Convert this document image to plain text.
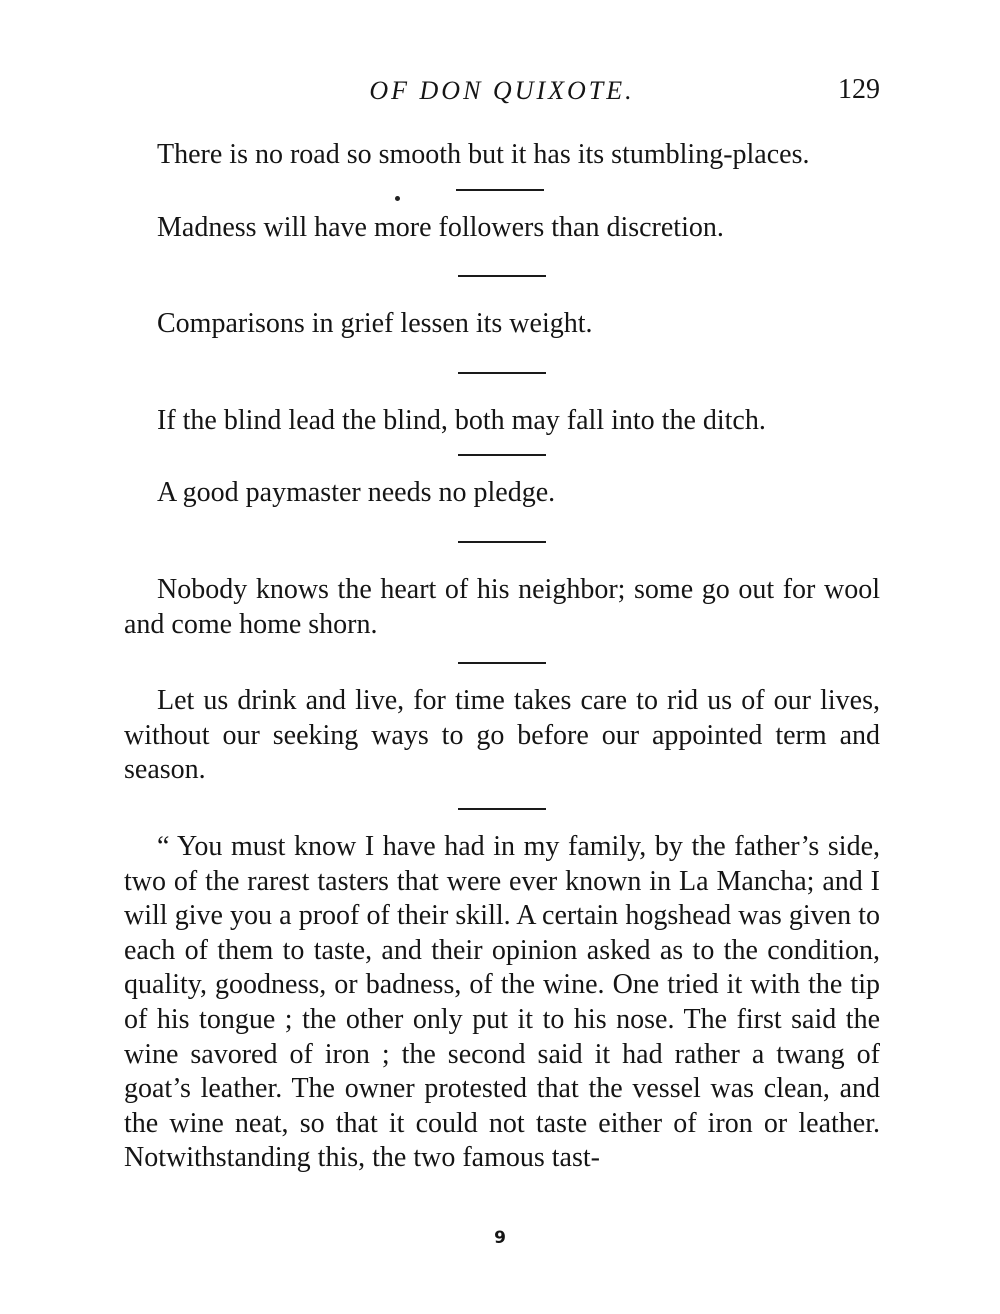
OF DON QUIXOTE.	129

There is no road so smooth but it has its stumbling-places.

Madness will have more followers than discretion.

Comparisons in grief lessen its weight.

If the blind lead the blind, both may fall into the ditch.

A good paymaster needs no pledge.

Nobody knows the heart of his neighbor; some go out for wool and come home shorn.

Let us drink and live, for time takes care to rid us of our lives, without our seeking ways to go before our appointed term and season.

“ You must know I have had in my family, by the father’s side, two of the rarest tasters that were ever known in La Mancha; and I will give you a proof of their skill. A certain hogshead was given to each of them to taste, and their opinion asked as to the condition, quality, goodness, or badness, of the wine. One tried it with the tip of his tongue ; the other only put it to his nose. The first said the wine savored of iron ; the second said it had rather a twang of goat’s leather. The owner protested that the vessel was clean, and the wine neat, so that it could not taste either of iron or leather. Notwithstanding this, the two famous tast-

9
